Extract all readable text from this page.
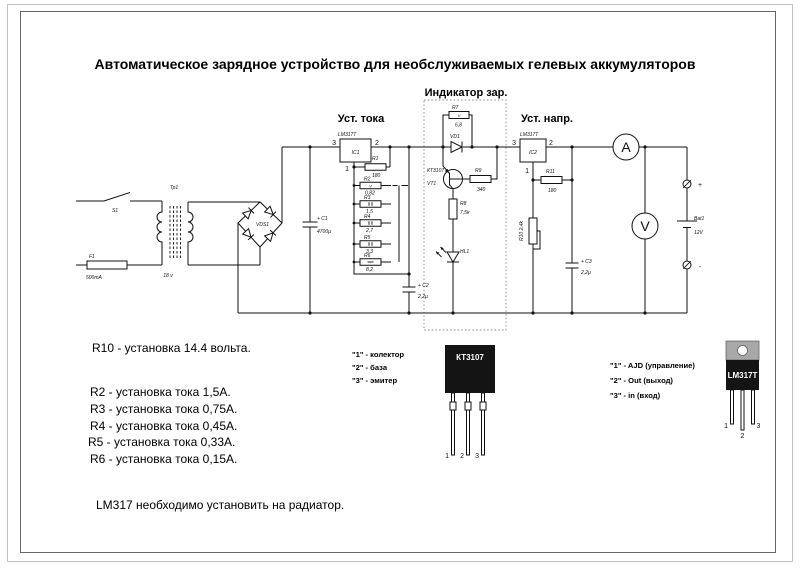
Автоматическое зарядное устройство для необслуживаемых гелевых аккумуляторов
Уст. тока
Индикатор зар.
Уст. напр.
S1
F1
500mA
Тр1
18 v
VDS1
+ C1
4700µ
IC1
LM317T
3	2
1
R1
180
V
R2
0,82
R3
1,5
R4
2,7
R5
3,3
R6
8,2
+ C2
2,2µ
V
R7
6,8
VD1
КТ3107
VT1
R9
340
R8
7,5k
HL1
IC2
LM317T
3	2
1	R11
180
R10 2,4k
+ C3
2,2µ
A
V
+
Bat1
12V
-
R10 - установка 14.4 вольта.
R2 - установка тока 1,5А.
R3 - установка тока 0,75А.
R4 - установка тока 0,45А.
R5 - установка тока 0,33А.
R6 - установка тока 0,15А.
LM317 необходимо установить на радиатор.
"1" - колектор
"2" - база
"3" - эмитер
КТ3107
1 2 3
"1" - AJD (управление)
"2" - Out (выход)
"3" - in (вход)
LM317T
1
2
3
